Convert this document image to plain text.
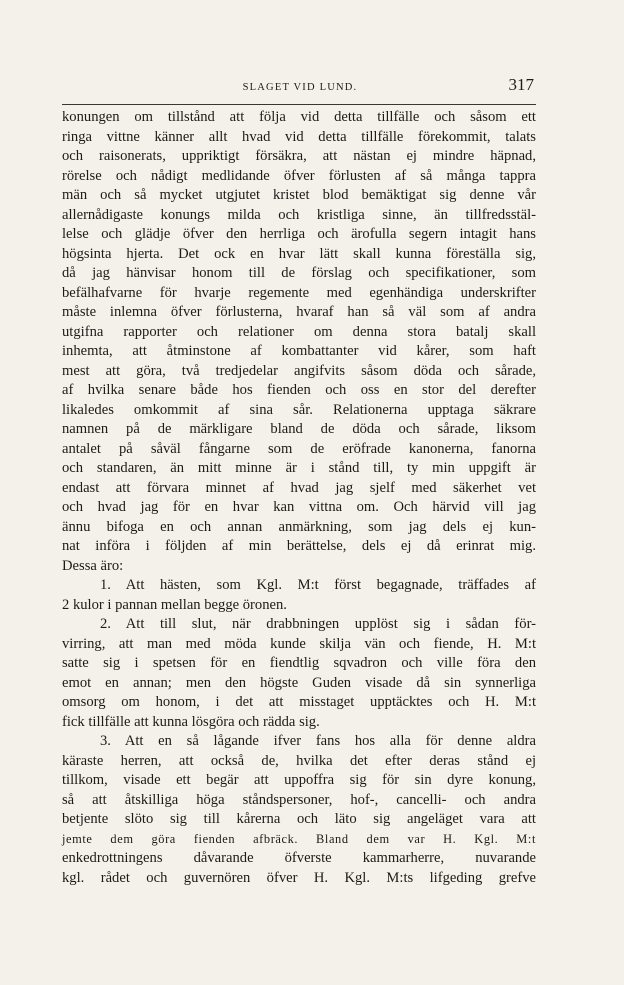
SLAGET VID LUND.	317
konungen om tillstånd att följa vid detta tillfälle och såsom ett
ringa vittne känner allt hvad vid detta tillfälle förekommit, talats
och raisonerats, uppriktigt försäkra, att nästan ej mindre häpnad,
rörelse och nådigt medlidande öfver förlusten af så många tappra
män och så mycket utgjutet kristet blod bemäktigat sig denne vår
allernådigaste konungs milda och kristliga sinne, än tillfredsstäl-
lelse och glädje öfver den herrliga och ärofulla segern intagit hans
högsinta hjerta. Det ock en hvar lätt skall kunna föreställa sig,
då jag hänvisar honom till de förslag och specifikationer, som
befälhafvarne för hvarje regemente med egenhändiga underskrifter
måste inlemna öfver förlusterna, hvaraf han så väl som af andra
utgifna rapporter och relationer om denna stora batalj skall
inhemta, att åtminstone af kombattanter vid kårer, som haft
mest att göra, två tredjedelar angifvits såsom döda och sårade,
af hvilka senare både hos fienden och oss en stor del derefter
likaledes omkommit af sina sår. Relationerna upptaga säkrare
namnen på de märkligare bland de döda och sårade, liksom
antalet på såväl fångarne som de eröfrade kanonerna, fanorna
och standaren, än mitt minne är i stånd till, ty min uppgift är
endast att förvara minnet af hvad jag sjelf med säkerhet vet
och hvad jag för en hvar kan vittna om. Och härvid vill jag
ännu bifoga en och annan anmärkning, som jag dels ej kun-
nat införa i följden af min berättelse, dels ej då erinrat mig.
Dessa äro:
1. Att hästen, som Kgl. M:t först begagnade, träffades af
2 kulor i pannan mellan begge öronen.
2. Att till slut, när drabbningen upplöst sig i sådan för-
virring, att man med möda kunde skilja vän och fiende, H. M:t
satte sig i spetsen för en fiendtlig sqvadron och ville föra den
emot en annan; men den högste Guden visade då sin synnerliga
omsorg om honom, i det att misstaget upptäcktes och H. M:t
fick tillfälle att kunna lösgöra och rädda sig.
3. Att en så lågande ifver fans hos alla för denne aldra
käraste herren, att också de, hvilka det efter deras stånd ej
tillkom, visade ett begär att uppoffra sig för sin dyre konung,
så att åtskilliga höga ståndspersoner, hof-, cancelli- och andra
betjente slöto sig till kårerna och läto sig angeläget vara att
jemte dem göra fienden afbräck. Bland dem var H. Kgl. M:t
enkedrottningens dåvarande öfverste kammarherre, nuvarande
kgl. rådet och guvernören öfver H. Kgl. M:ts lifgeding grefve
